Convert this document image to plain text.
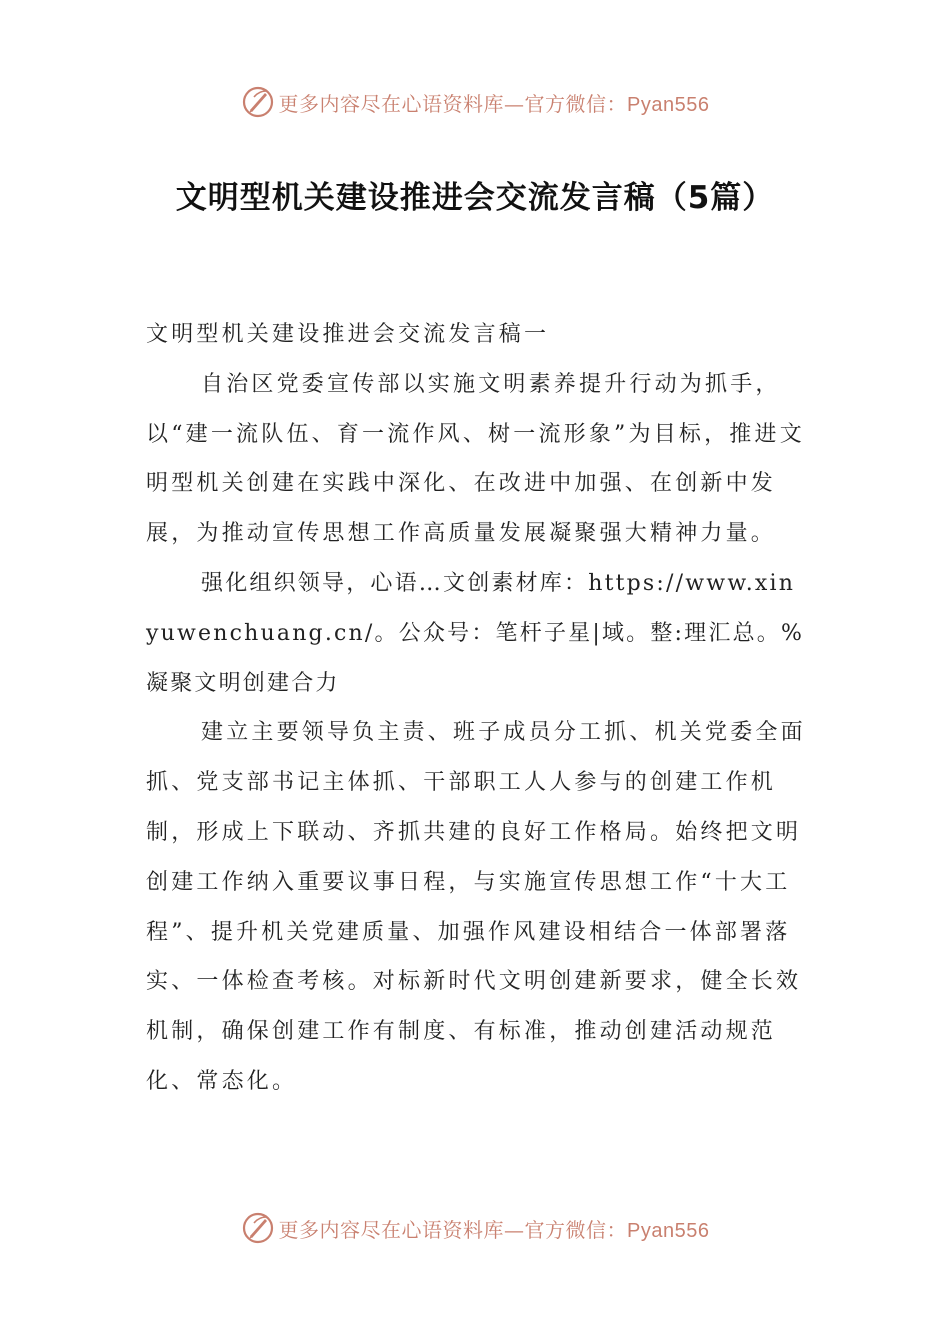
更多内容尽在心语资料库—官方微信：Pyan556
文明型机关建设推进会交流发言稿（5篇）

文明型机关建设推进会交流发言稿一

自治区党委宣传部以实施文明素养提升行动为抓手，以“建一流队伍、育一流作风、树一流形象”为目标，推进文明型机关创建在实践中深化、在改进中加强、在创新中发展，为推动宣传思想工作高质量发展凝聚强大精神力量。

强化组织领导，心语…文创素材库：https://www.xinyuwenchuang.cn/。公众号：笔杆子星|域。整:理汇总。%凝聚文明创建合力

建立主要领导负主责、班子成员分工抓、机关党委全面抓、党支部书记主体抓、干部职工人人参与的创建工作机制，形成上下联动、齐抓共建的良好工作格局。始终把文明创建工作纳入重要议事日程，与实施宣传思想工作“十大工程”、提升机关党建质量、加强作风建设相结合一体部署落实、一体检查考核。对标新时代文明创建新要求，健全长效机制，确保创建工作有制度、有标准，推动创建活动规范化、常态化。

更多内容尽在心语资料库—官方微信：Pyan556
